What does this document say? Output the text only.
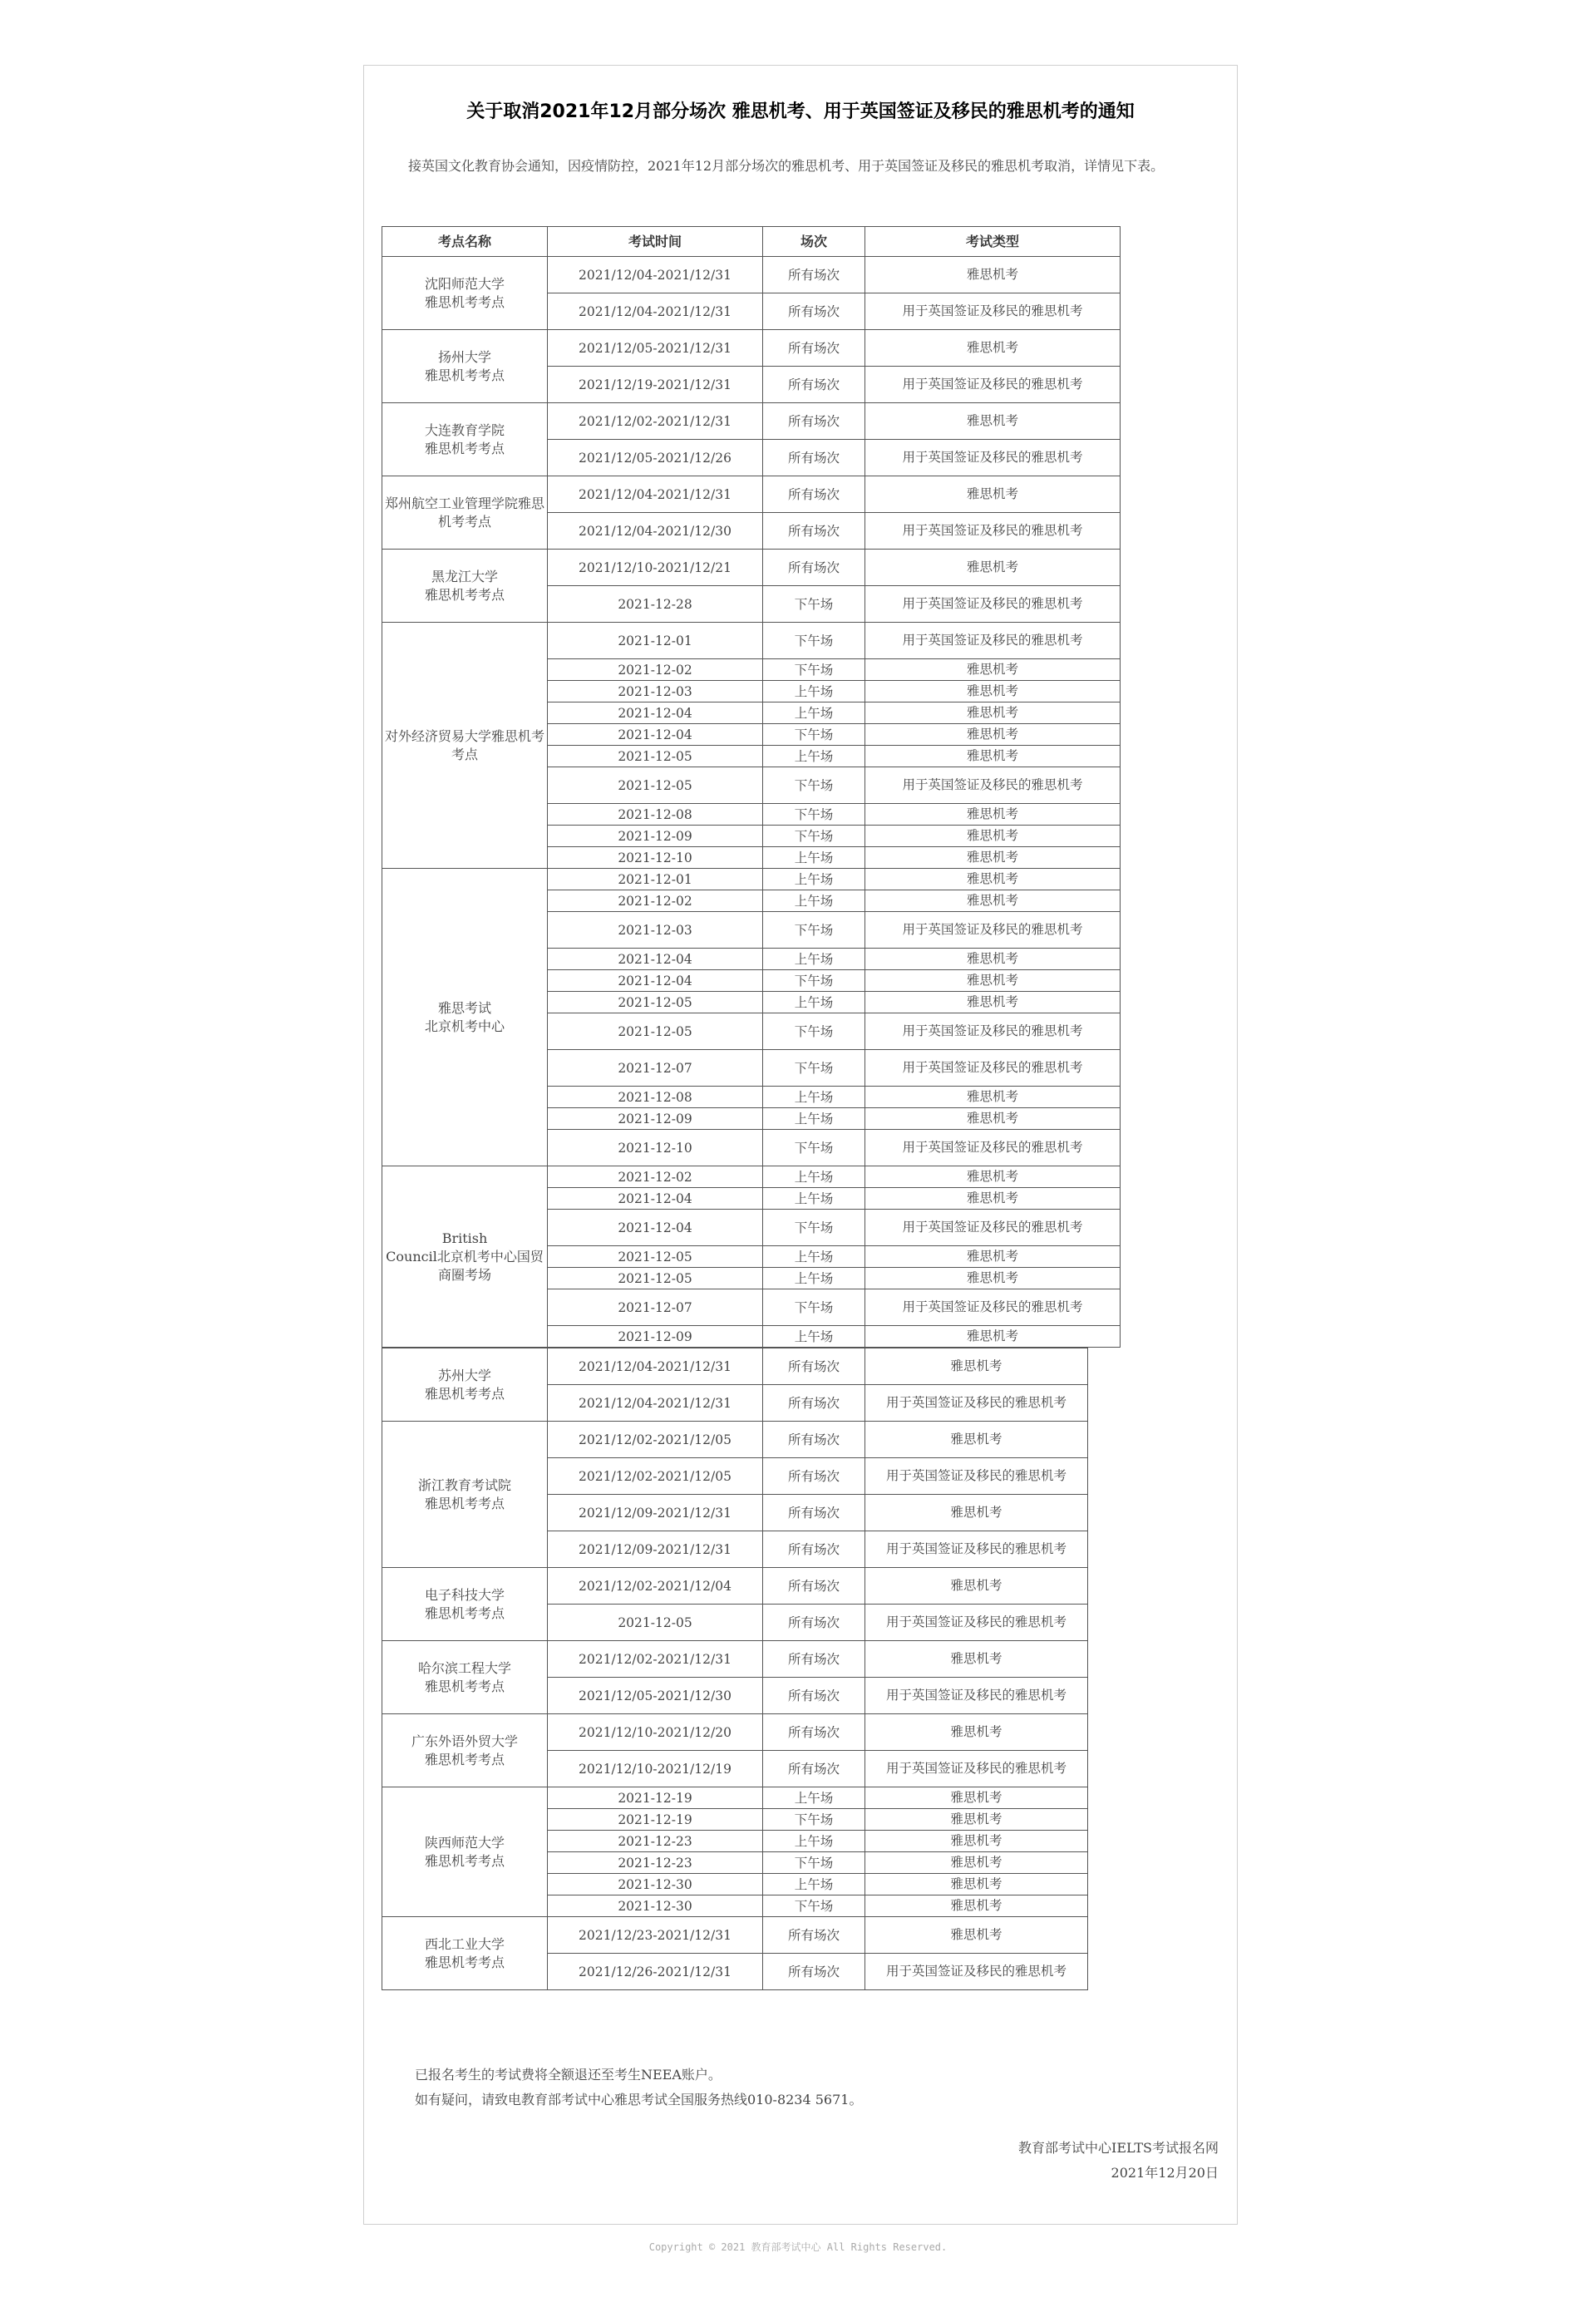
关于取消2021年12月部分场次 雅思机考、用于英国签证及移民的雅思机考的通知

接英国文化教育协会通知，因疫情防控，2021年12月部分场次的雅思机考、用于英国签证及移民的雅思机考取消，详情见下表。

考点名称	考试时间	场次	考试类型
沈阳师范大学
雅思机考考点	2021/12/04-2021/12/31	所有场次	雅思机考
	2021/12/04-2021/12/31	所有场次	用于英国签证及移民的雅思机考
扬州大学
雅思机考考点	2021/12/05-2021/12/31	所有场次	雅思机考
	2021/12/19-2021/12/31	所有场次	用于英国签证及移民的雅思机考
大连教育学院
雅思机考考点	2021/12/02-2021/12/31	所有场次	雅思机考
	2021/12/05-2021/12/26	所有场次	用于英国签证及移民的雅思机考
郑州航空工业管理学院雅思机考考点	2021/12/04-2021/12/31	所有场次	雅思机考
	2021/12/04-2021/12/30	所有场次	用于英国签证及移民的雅思机考
黑龙江大学
雅思机考考点	2021/12/10-2021/12/21	所有场次	雅思机考
	2021-12-28	下午场	用于英国签证及移民的雅思机考
对外经济贸易大学雅思机考考点	2021-12-01	下午场	用于英国签证及移民的雅思机考
	2021-12-02	下午场	雅思机考
	2021-12-03	上午场	雅思机考
	2021-12-04	上午场	雅思机考
	2021-12-04	下午场	雅思机考
	2021-12-05	上午场	雅思机考
	2021-12-05	下午场	用于英国签证及移民的雅思机考
	2021-12-08	下午场	雅思机考
	2021-12-09	下午场	雅思机考
	2021-12-10	上午场	雅思机考
雅思考试
北京机考中心	2021-12-01	上午场	雅思机考
	2021-12-02	上午场	雅思机考
	2021-12-03	下午场	用于英国签证及移民的雅思机考
	2021-12-04	上午场	雅思机考
	2021-12-04	下午场	雅思机考
	2021-12-05	上午场	雅思机考
	2021-12-05	下午场	用于英国签证及移民的雅思机考
	2021-12-07	下午场	用于英国签证及移民的雅思机考
	2021-12-08	上午场	雅思机考
	2021-12-09	上午场	雅思机考
	2021-12-10	下午场	用于英国签证及移民的雅思机考
British
Council北京机考中心国贸商圈考场	2021-12-02	上午场	雅思机考
	2021-12-04	上午场	雅思机考
	2021-12-04	下午场	用于英国签证及移民的雅思机考
	2021-12-05	上午场	雅思机考
	2021-12-05	上午场	雅思机考
	2021-12-07	下午场	用于英国签证及移民的雅思机考
	2021-12-09	上午场	雅思机考
苏州大学
雅思机考考点	2021/12/04-2021/12/31	所有场次	雅思机考
	2021/12/04-2021/12/31	所有场次	用于英国签证及移民的雅思机考
浙江教育考试院
雅思机考考点	2021/12/02-2021/12/05	所有场次	雅思机考
	2021/12/02-2021/12/05	所有场次	用于英国签证及移民的雅思机考
	2021/12/09-2021/12/31	所有场次	雅思机考
	2021/12/09-2021/12/31	所有场次	用于英国签证及移民的雅思机考
电子科技大学
雅思机考考点	2021/12/02-2021/12/04	所有场次	雅思机考
	2021-12-05	所有场次	用于英国签证及移民的雅思机考
哈尔滨工程大学
雅思机考考点	2021/12/02-2021/12/31	所有场次	雅思机考
	2021/12/05-2021/12/30	所有场次	用于英国签证及移民的雅思机考
广东外语外贸大学
雅思机考考点	2021/12/10-2021/12/20	所有场次	雅思机考
	2021/12/10-2021/12/19	所有场次	用于英国签证及移民的雅思机考
陕西师范大学
雅思机考考点	2021-12-19	上午场	雅思机考
	2021-12-19	下午场	雅思机考
	2021-12-23	上午场	雅思机考
	2021-12-23	下午场	雅思机考
	2021-12-30	上午场	雅思机考
	2021-12-30	下午场	雅思机考
西北工业大学
雅思机考考点	2021/12/23-2021/12/31	所有场次	雅思机考
	2021/12/26-2021/12/31	所有场次	用于英国签证及移民的雅思机考

已报名考生的考试费将全额退还至考生NEEA账户。

如有疑问，请致电教育部考试中心雅思考试全国服务热线010-8234 5671。

教育部考试中心IELTS考试报名网

2021年12月20日

Copyright © 2021 教育部考试中心 All Rights Reserved.
